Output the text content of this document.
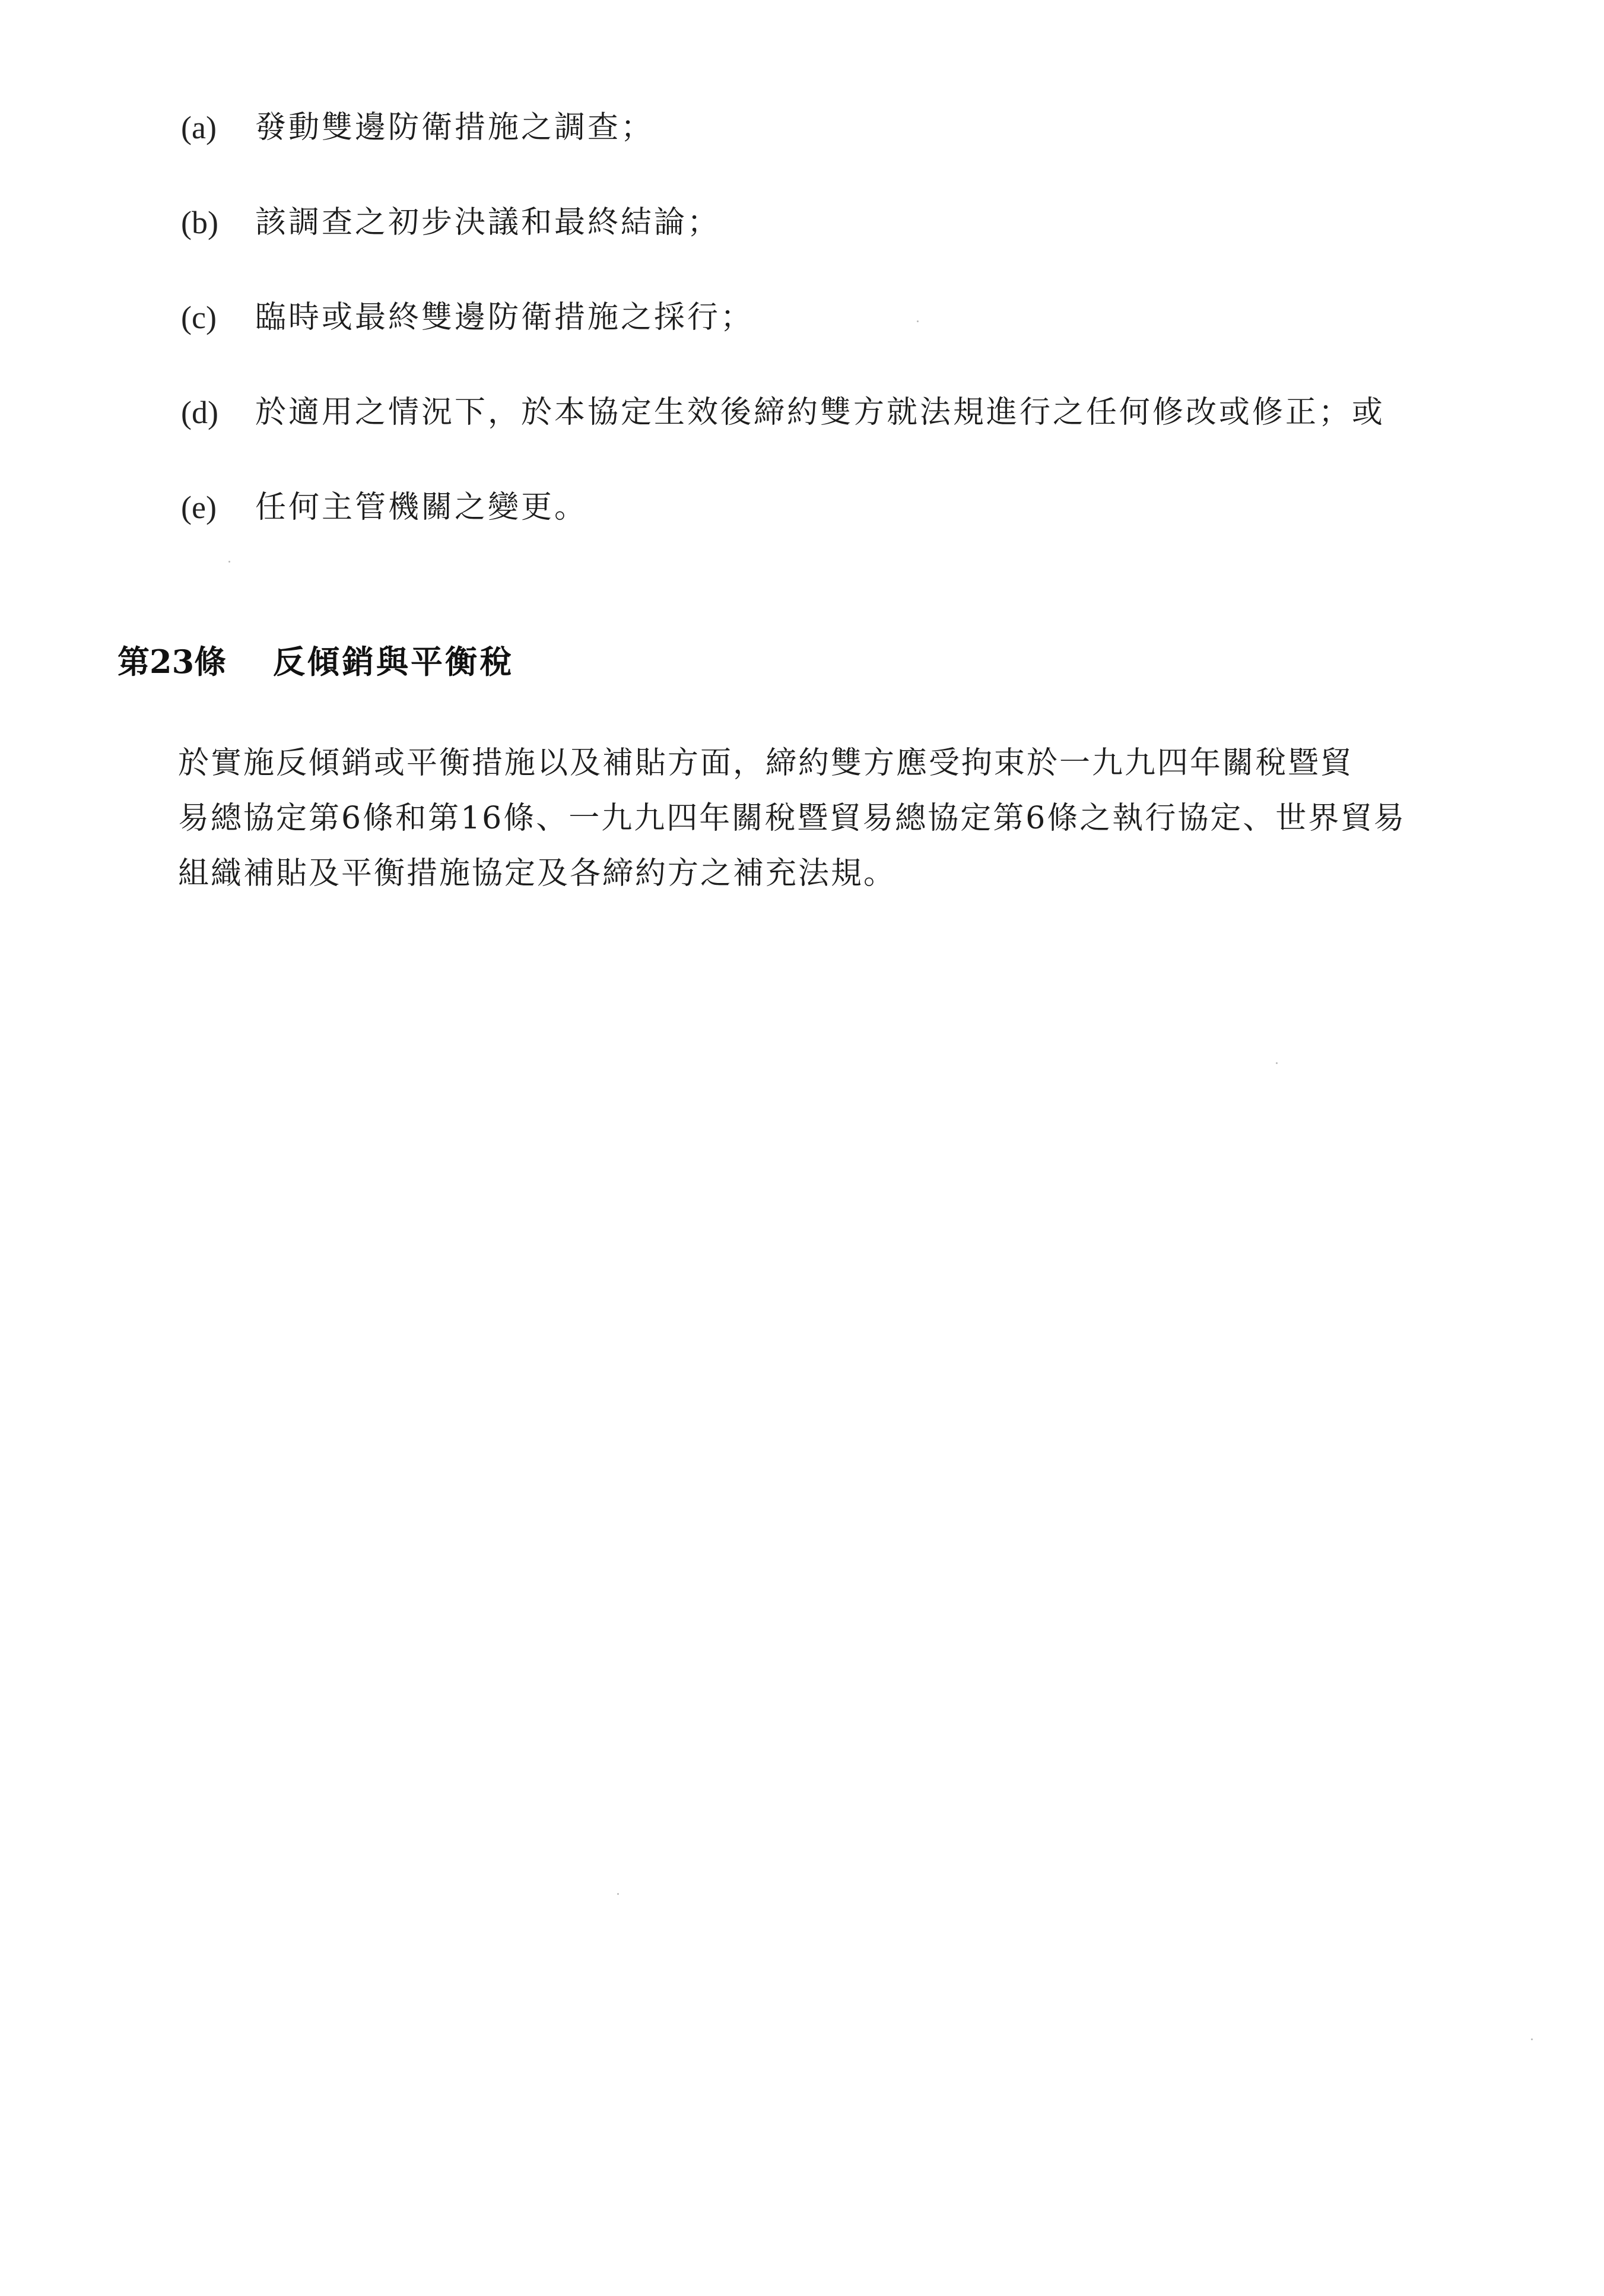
(a)	發動雙邊防衛措施之調查；
(b)	該調查之初步決議和最終結論；
(c)	臨時或最終雙邊防衛措施之採行；
(d)	於適用之情況下，於本協定生效後締約雙方就法規進行之任何修改或修正；或
(e)	任何主管機關之變更。
第23條	反傾銷與平衡稅
於實施反傾銷或平衡措施以及補貼方面，締約雙方應受拘束於一九九四年關稅暨貿
易總協定第6條和第16條、一九九四年關稅暨貿易總協定第6條之執行協定、世界貿易
組織補貼及平衡措施協定及各締約方之補充法規。
